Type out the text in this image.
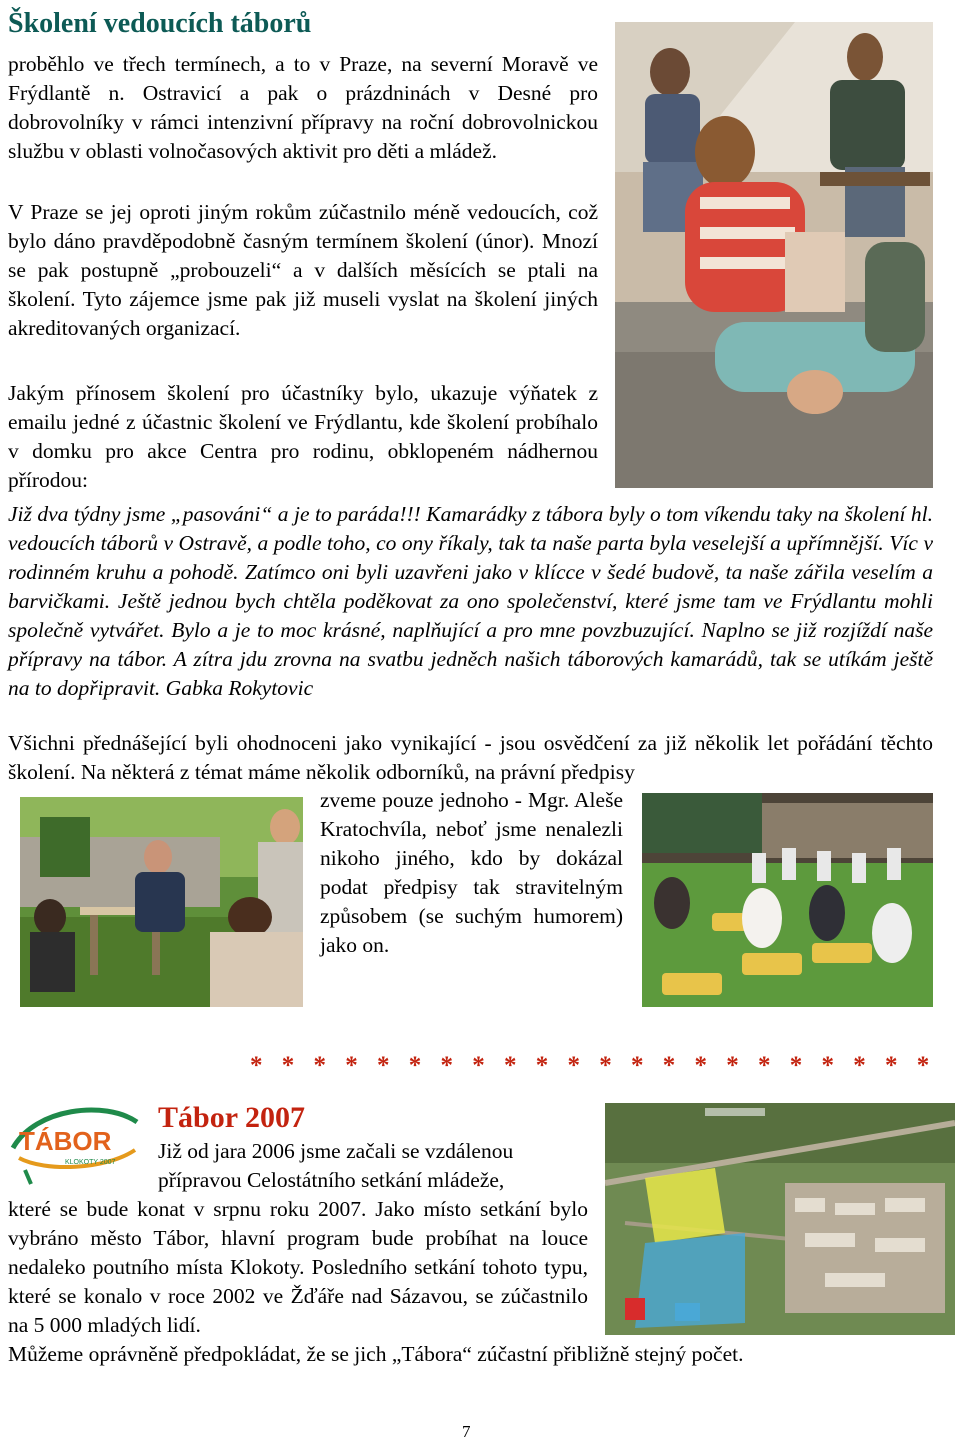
Školení vedoucích táborů
proběhlo ve třech termínech, a to v Praze, na severní Moravě ve Frýdlantě n. Ostravicí a pak o prázdninách v Desné pro dobrovolníky v rámci intenzivní přípravy na roční dobrovolnickou službu v oblasti volnočasových aktivit pro děti a mládež.
V Praze se jej oproti jiným rokům zúčastnilo méně vedoucích, což bylo dáno pravděpodobně časným termínem školení (únor). Mnozí se pak postupně „probouzeli“ a v dalších měsících se ptali na školení. Tyto zájemce jsme pak již museli vyslat na školení jiných akreditovaných organizací.
Jakým přínosem školení pro účastníky bylo, ukazuje výňatek z emailu jedné z účastnic školení ve Frýdlantu, kde školení probíhalo v domku pro akce Centra pro rodinu, obklopeném nádhernou přírodou:
Již dva týdny jsme „pasováni“ a je to paráda!!! Kamarádky z tábora byly o tom víkendu taky na školení hl. vedoucích táborů v Ostravě, a podle toho, co ony říkaly, tak ta naše parta byla veselejší a upřímnější. Víc v rodinném kruhu a pohodě. Zatímco oni byli uzavřeni jako v klícce v šedé budově, ta naše zářila veselím a barvičkami. Ještě jednou bych chtěla poděkovat za ono společenství, které jsme tam ve Frýdlantu mohli společně vytvářet. Bylo a je to moc krásné, naplňující a pro mne povzbuzující. Naplno se již rozjíždí naše přípravy na tábor. A zítra jdu zrovna na svatbu jedněch našich táborových kamarádů, tak se utíkám ještě na to dopřipravit. Gabka Rokytovic
Všichni přednášející byli ohodnoceni jako vynikající - jsou osvědčení za již několik let pořádání těchto školení. Na některá z témat máme několik odborníků, na právní předpisy
zveme pouze jednoho - Mgr. Aleše Kratochvíla, neboť jsme nenalezli nikoho jiného, kdo by dokázal podat předpisy tak stravitelným způsobem (se suchým humorem) jako on.
* * * * * * * * * * * * * * * * * * * * * *
TÁBOR
KLOKOTY 2007
Tábor 2007
Již od jara 2006 jsme začali se vzdálenou přípravou Celostátního setkání mládeže,
které se bude konat v srpnu roku 2007. Jako místo setkání bylo vybráno město Tábor, hlavní program bude probíhat na louce nedaleko poutního místa Klokoty. Posledního setkání tohoto typu, které se konalo v roce 2002 ve Žďáře nad Sázavou, se zúčastnilo na 5 000 mladých lidí.
Můžeme oprávněně předpokládat, že se jich „Tábora“ zúčastní přibližně stejný počet.
7
